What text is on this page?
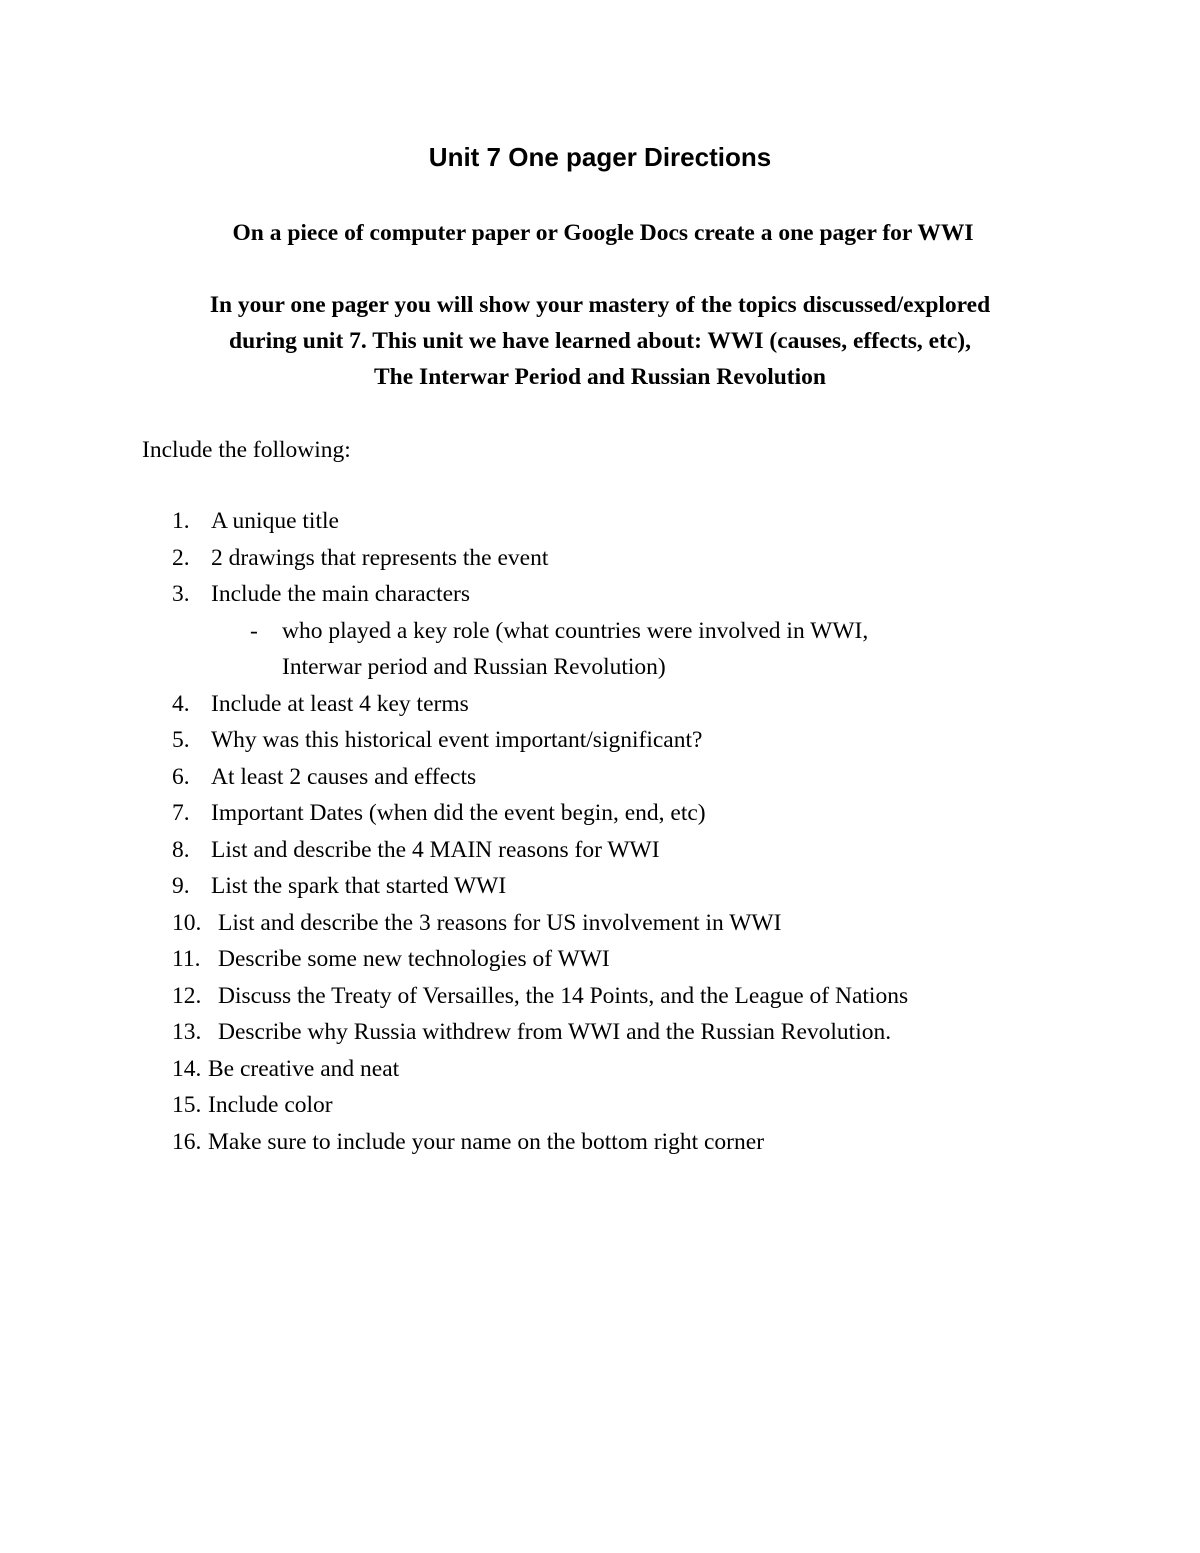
Unit 7 One pager Directions
On a piece of computer paper or Google Docs create a one pager for WWI
In your one pager you will show your mastery of the topics discussed/explored
during unit 7. This unit we have learned about: WWI (causes, effects, etc),
The Interwar Period and Russian Revolution
Include the following:
1. A unique title
2. 2 drawings that represents the event
3. Include the main characters
- who played a key role (what countries were involved in WWI,
Interwar period and Russian Revolution)
4. Include at least 4 key terms
5. Why was this historical event important/significant?
6. At least 2 causes and effects
7. Important Dates (when did the event begin, end, etc)
8. List and describe the 4 MAIN reasons for WWI
9. List the spark that started WWI
10. List and describe the 3 reasons for US involvement in WWI
11. Describe some new technologies of WWI
12. Discuss the Treaty of Versailles, the 14 Points, and the League of Nations
13. Describe why Russia withdrew from WWI and the Russian Revolution.
14. Be creative and neat
15. Include color
16. Make sure to include your name on the bottom right corner
